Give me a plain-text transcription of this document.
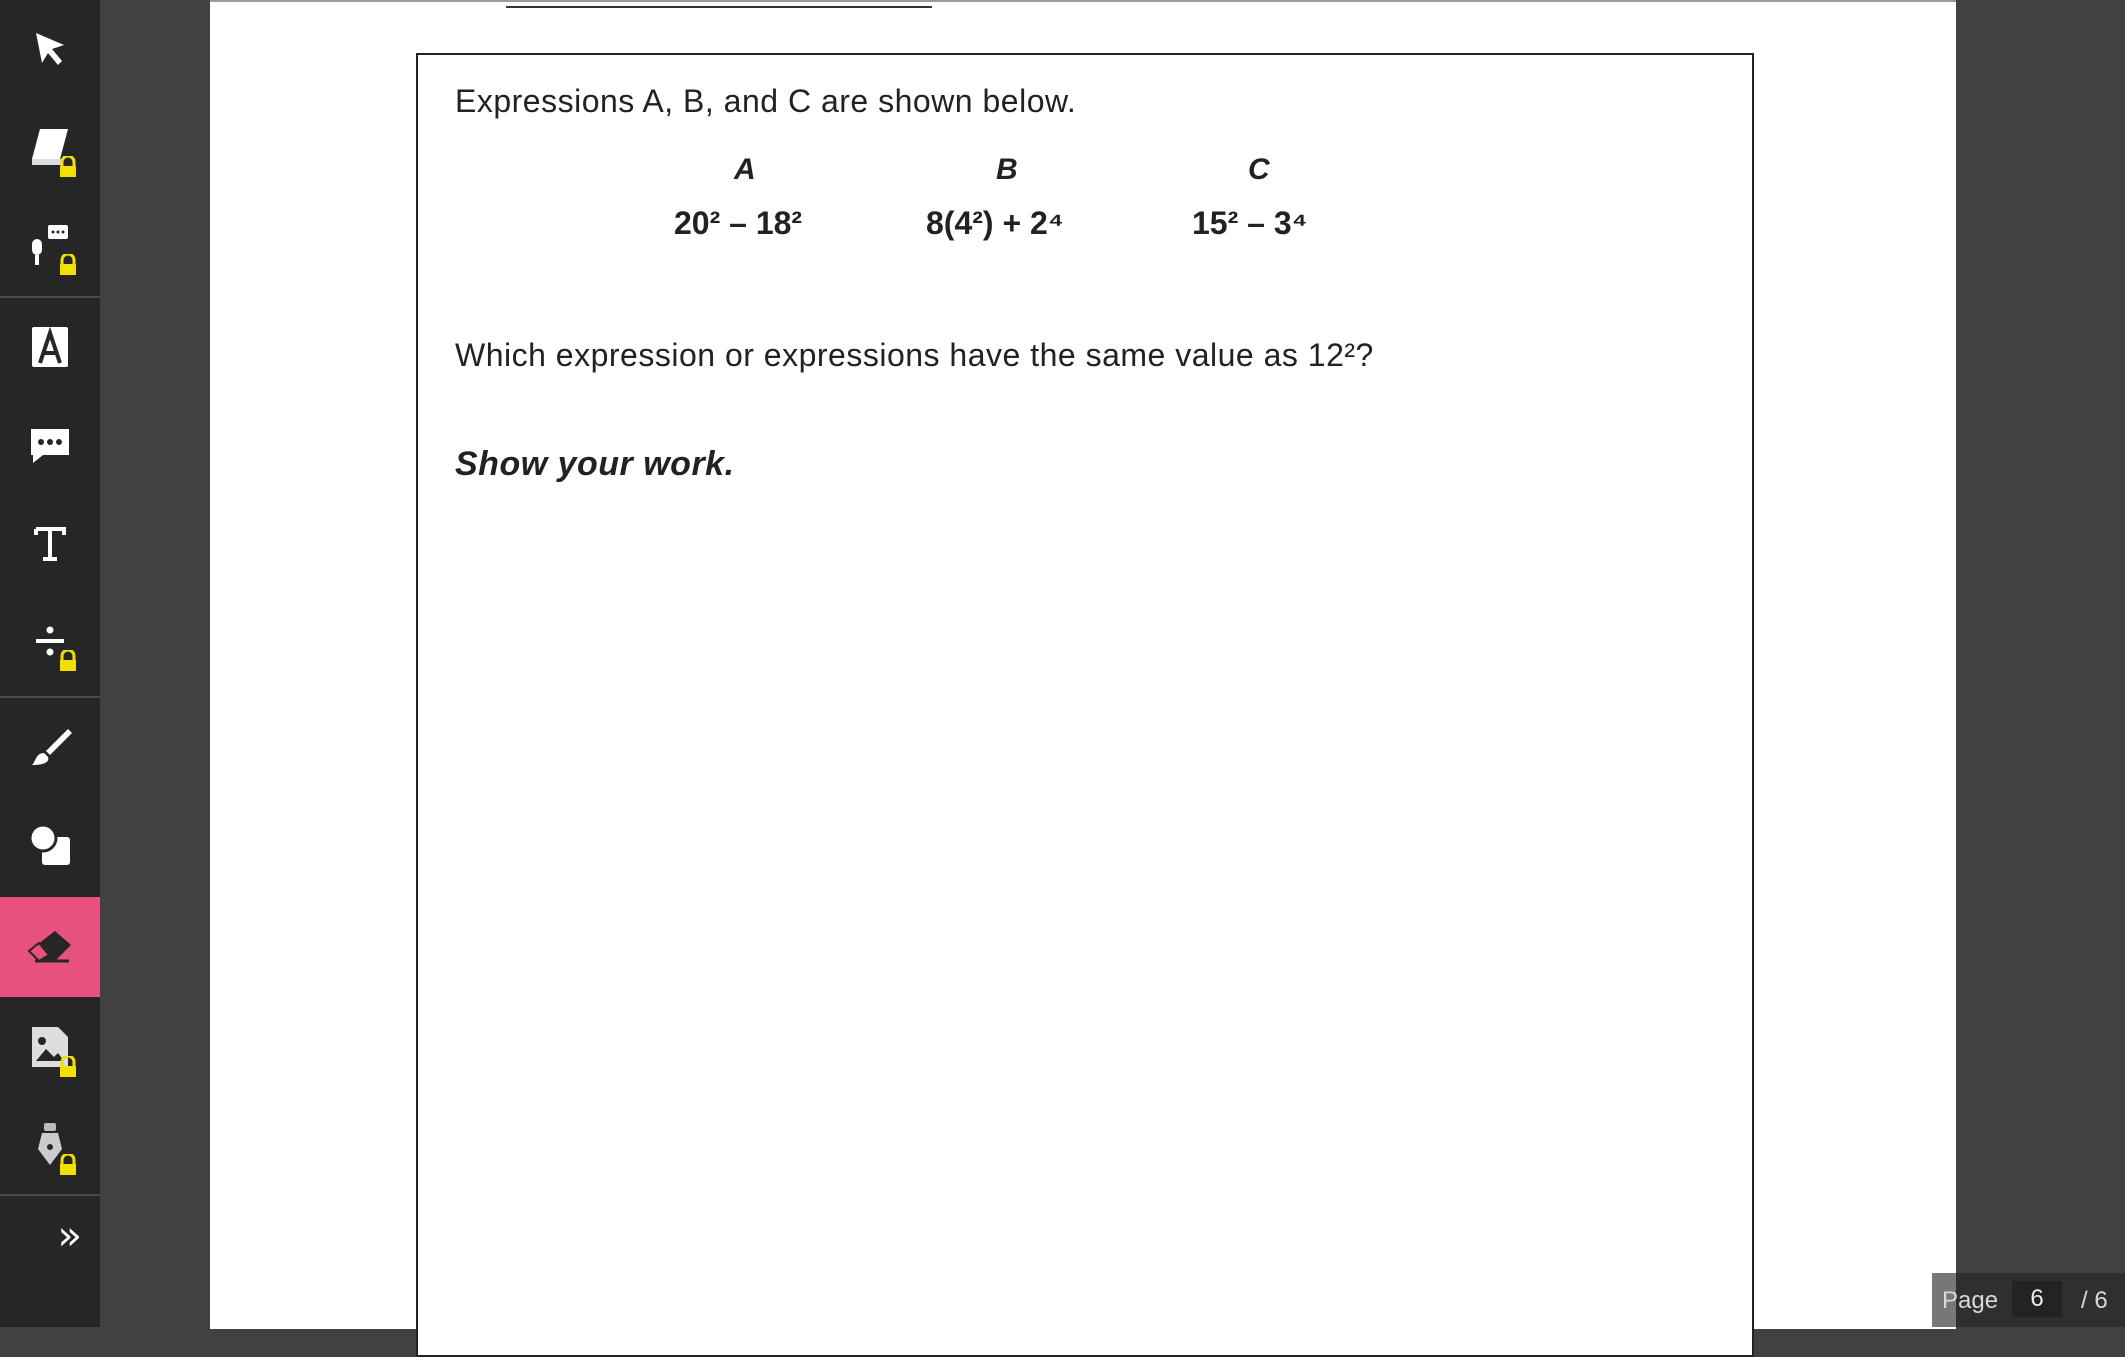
»
Expressions A, B, and C are shown below.
A
20² – 18²
B
8(4²) + 2⁴
C
15² – 3⁴
Which expression or expressions have the same value as 12²?
Show your work.
Page	6	/ 6
